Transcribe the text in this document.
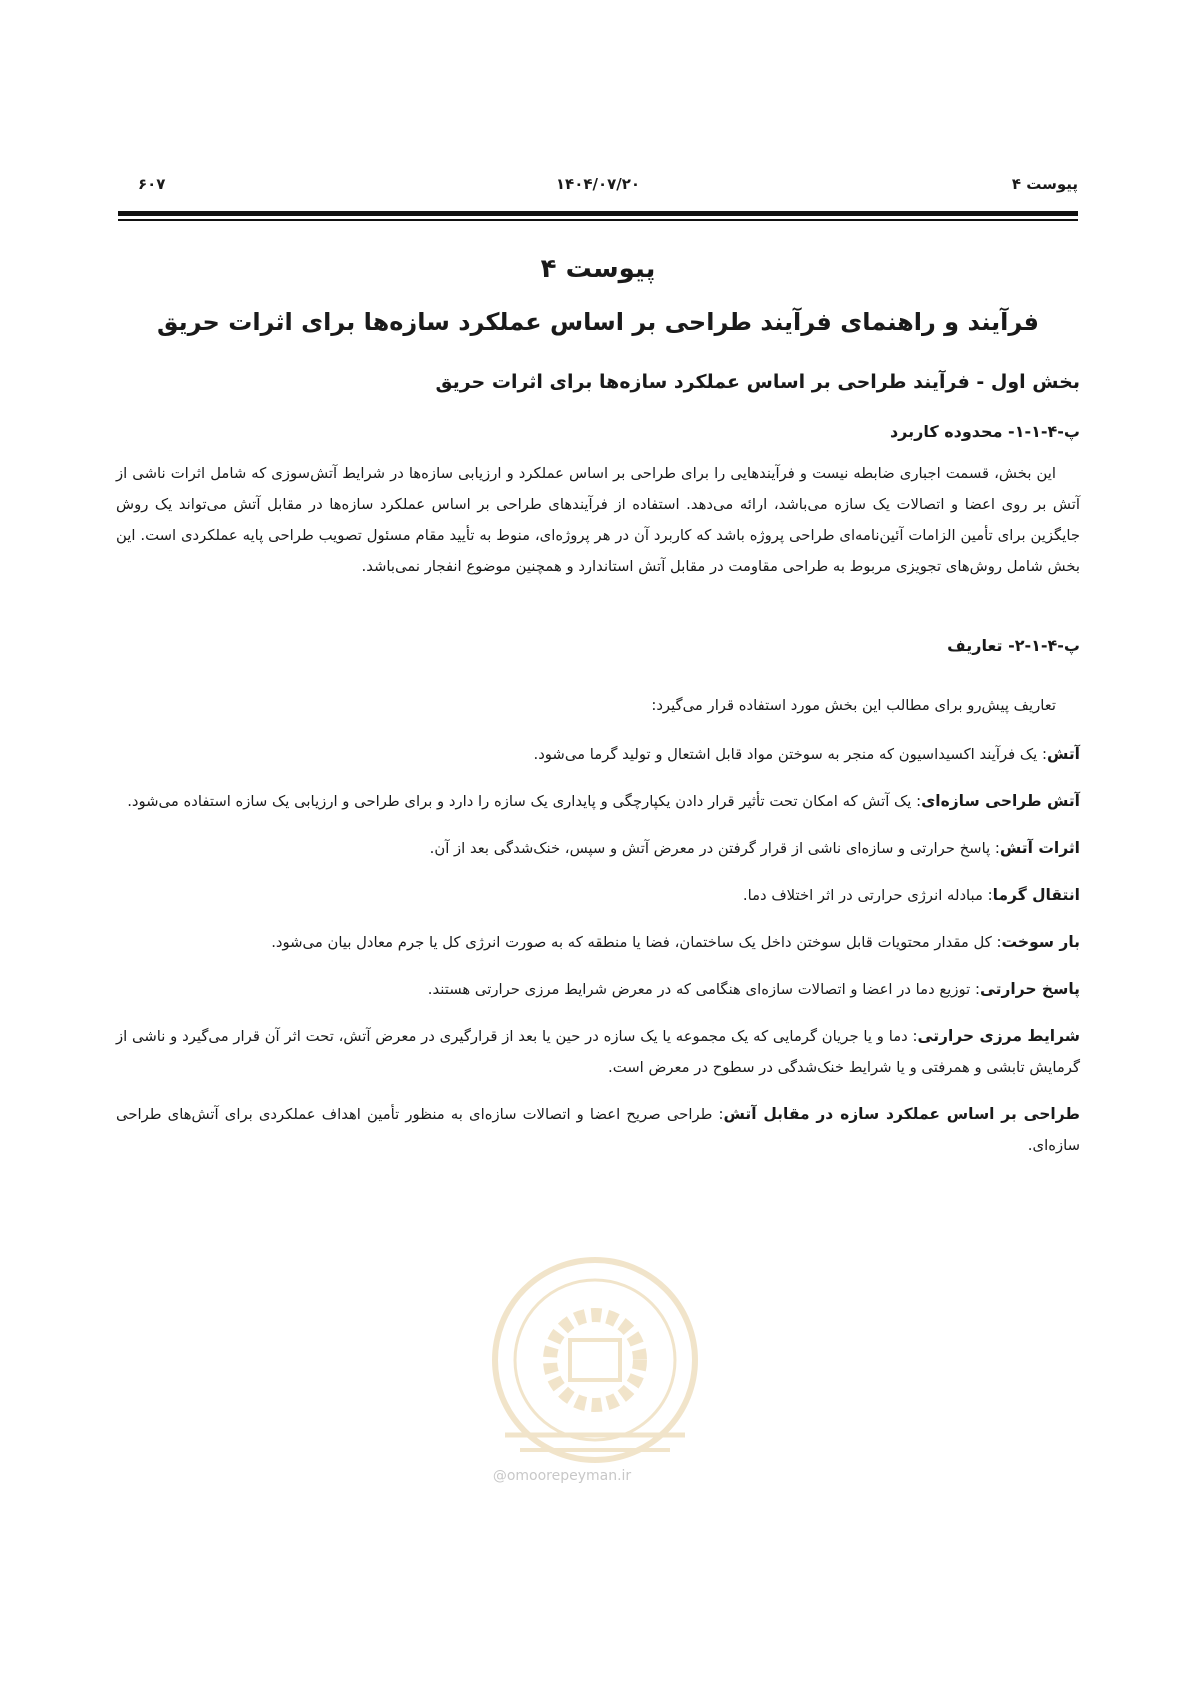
پیوست ۴
۱۴۰۴/۰۷/۲۰
۶۰۷
پیوست ۴
فرآیند و راهنمای فرآیند طراحی بر اساس عملکرد سازه‌ها برای اثرات حریق
بخش اول - فرآیند طراحی بر اساس عملکرد سازه‌ها برای اثرات حریق
پ-۴-۱-۱- محدوده کاربرد

این بخش، قسمت اجباری ضابطه نیست و فرآیندهایی را برای طراحی بر اساس عملکرد و ارزیابی سازه‌ها در شرایط آتش‌سوزی که شامل اثرات ناشی از آتش بر روی اعضا و اتصالات یک سازه می‌باشد، ارائه می‌دهد. استفاده از فرآیندهای طراحی بر اساس عملکرد سازه‌ها در مقابل آتش می‌تواند یک روش جایگزین برای تأمین الزامات آئین‌نامه‌ای طراحی پروژه باشد که کاربرد آن در هر پروژه‌ای، منوط به تأیید مقام مسئول تصویب طراحی پایه عملکردی است. این بخش شامل روش‌های تجویزی مربوط به طراحی مقاومت در مقابل آتش استاندارد و همچنین موضوع انفجار نمی‌باشد.

پ-۴-۱-۲- تعاریف

تعاریف پیش‌رو برای مطالب این بخش مورد استفاده قرار می‌گیرد:

آتش: یک فرآیند اکسیداسیون که منجر به سوختن مواد قابل اشتعال و تولید گرما می‌شود.

آتش طراحی سازه‌ای: یک آتش که امکان تحت تأثیر قرار دادن یکپارچگی و پایداری یک سازه را دارد و برای طراحی و ارزیابی یک سازه استفاده می‌شود.

اثرات آتش: پاسخ حرارتی و سازه‌ای ناشی از قرار گرفتن در معرض آتش و سپس، خنک‌شدگی بعد از آن.

انتقال گرما: مبادله انرژی حرارتی در اثر اختلاف دما.

بار سوخت: کل مقدار محتویات قابل سوختن داخل یک ساختمان، فضا یا منطقه که به صورت انرژی کل یا جرم معادل بیان می‌شود.

پاسخ حرارتی: توزیع دما در اعضا و اتصالات سازه‌ای هنگامی که در معرض شرایط مرزی حرارتی هستند.

شرایط مرزی حرارتی: دما و یا جریان گرمایی که یک مجموعه یا یک سازه در حین یا بعد از قرارگیری در معرض آتش، تحت اثر آن قرار می‌گیرد و ناشی از گرمایش تابشی و همرفتی و یا شرایط خنک‌شدگی در سطوح در معرض است.

طراحی بر اساس عملکرد سازه در مقابل آتش: طراحی صریح اعضا و اتصالات سازه‌ای به منظور تأمین اهداف عملکردی برای آتش‌های طراحی سازه‌ای.

@omoorepeyman.ir
